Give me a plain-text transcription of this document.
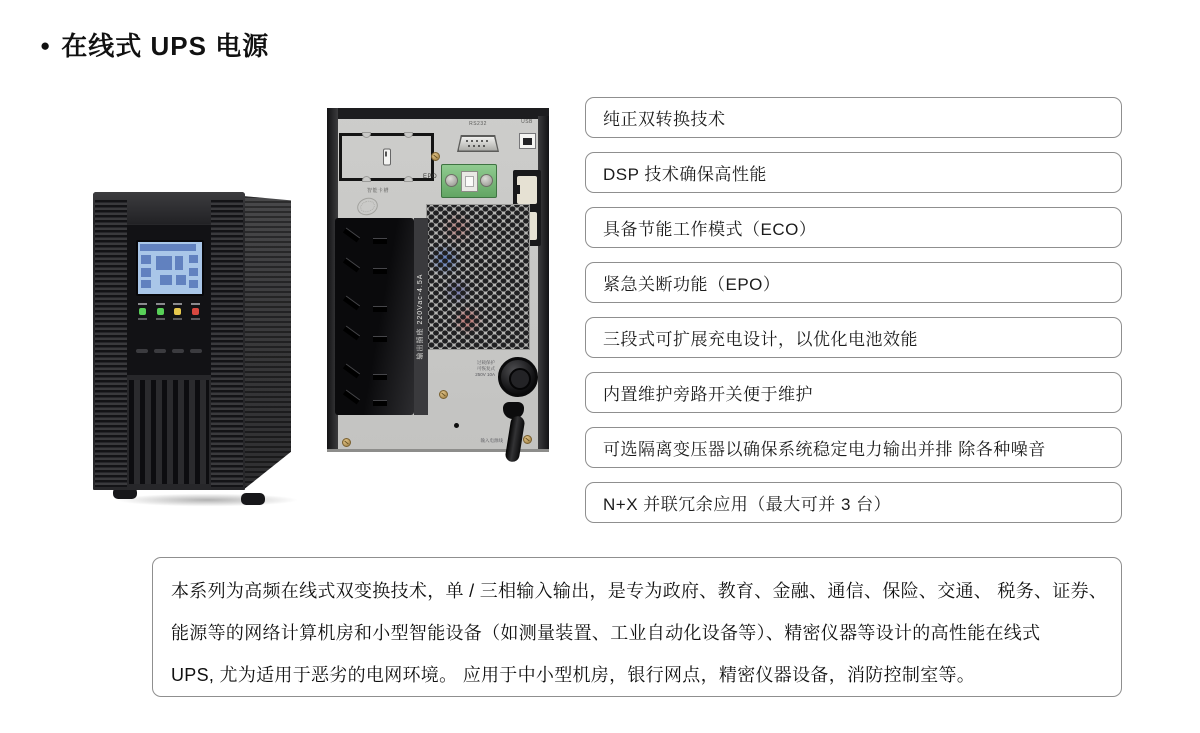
● 在线式 UPS 电源
智能卡槽
RS232	USB
EPO
输出插座 220Vac-4.5A
过载保护
可恢复式
250V 10A
输入电源线
纯正双转换技术
DSP 技术确保高性能
具备节能工作模式（ECO）
紧急关断功能（EPO）
三段式可扩展充电设计，以优化电池效能
内置维护旁路开关便于维护
可选隔离变压器以确保系统稳定电力输出并排 除各种噪音
N+X 并联冗余应用（最大可并 3 台）
本系列为高频在线式双变换技术，单 / 三相输入输出，是专为政府、教育、金融、通信、保险、交通、 税务、证券、
能源等的网络计算机房和小型智能设备（如测量装置、工业自动化设备等）、精密仪器等设计的高性能在线式
UPS, 尤为适用于恶劣的电网环境。 应用于中小型机房，银行网点，精密仪器设备，消防控制室等。
